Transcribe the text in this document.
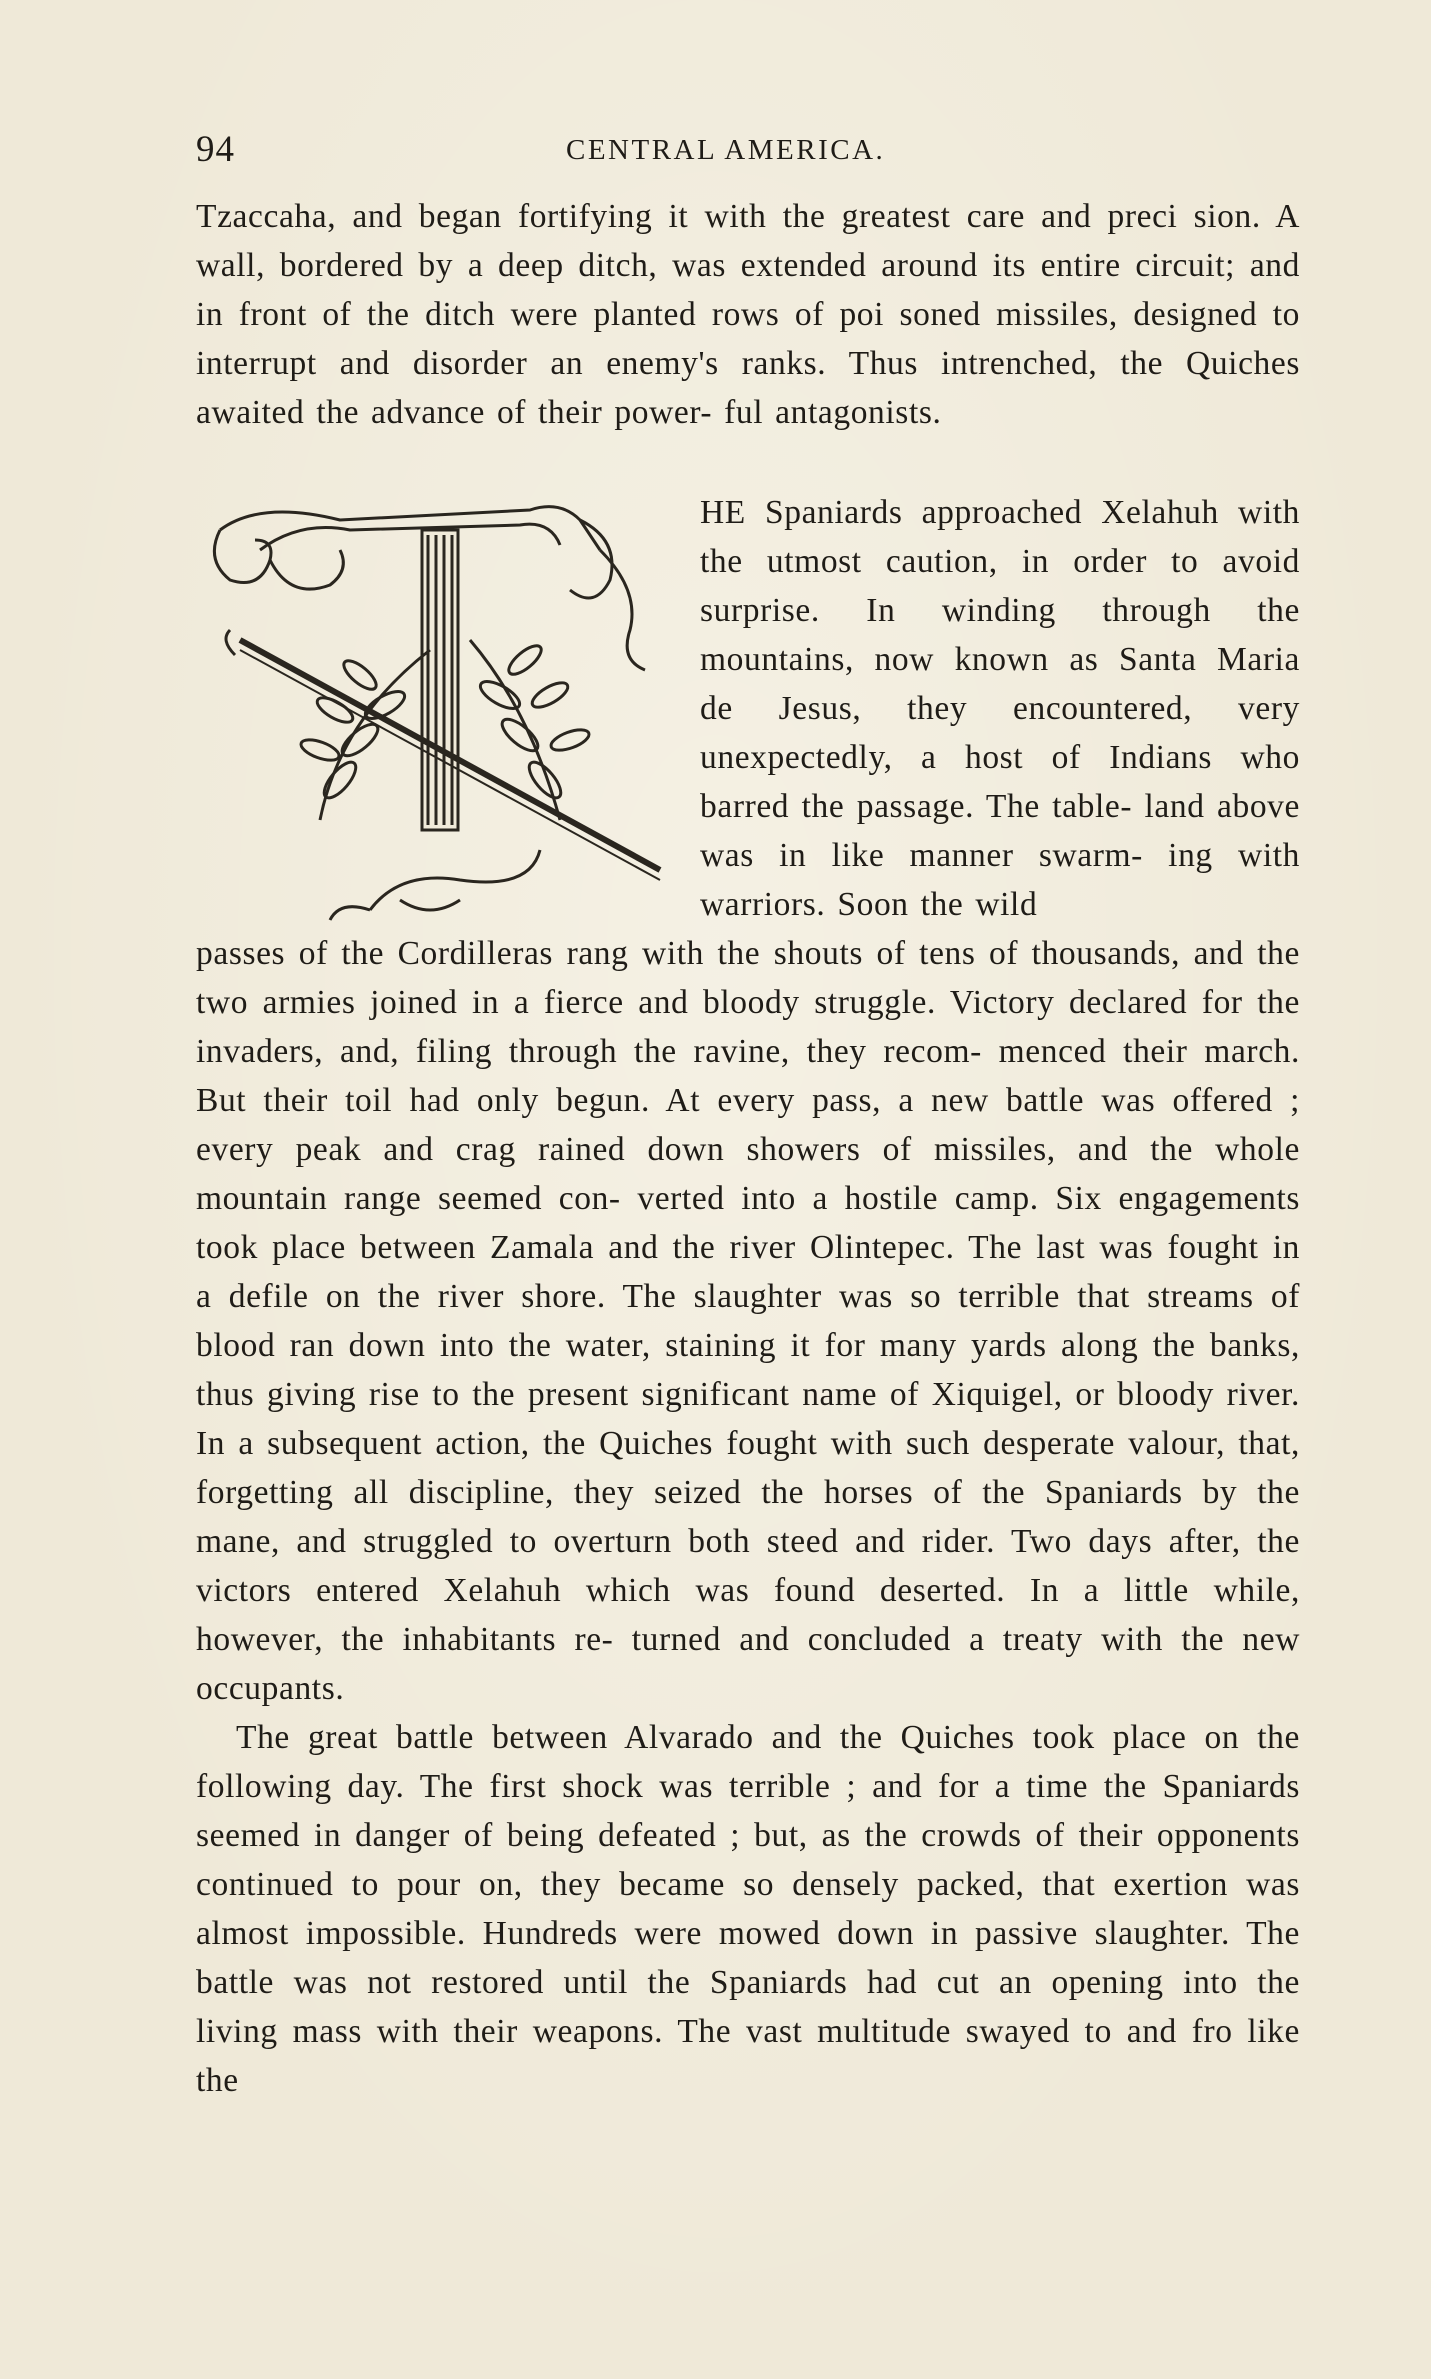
94	CENTRAL AMERICA.

Tzaccaha, and began fortifying it with the greatest care and preci sion. A wall, bordered by a deep ditch, was extended around its entire circuit; and in front of the ditch were planted rows of poi soned missiles, designed to interrupt and disorder an enemy's ranks. Thus intrenched, the Quiches awaited the advance of their power- ful antagonists.

HE Spaniards approached Xelahuh with the utmost caution, in order to avoid surprise. In winding through the mountains, now known as Santa Maria de Jesus, they encountered, very unexpectedly, a host of Indians who barred the passage. The table- land above was in like manner swarm- ing with warriors. Soon the wild

passes of the Cordilleras rang with the shouts of tens of thousands, and the two armies joined in a fierce and bloody struggle. Victory declared for the invaders, and, filing through the ravine, they recom- menced their march. But their toil had only begun. At every pass, a new battle was offered ; every peak and crag rained down showers of missiles, and the whole mountain range seemed con- verted into a hostile camp. Six engagements took place between Zamala and the river Olintepec. The last was fought in a defile on the river shore. The slaughter was so terrible that streams of blood ran down into the water, staining it for many yards along the banks, thus giving rise to the present significant name of Xiquigel, or bloody river. In a subsequent action, the Quiches fought with such desperate valour, that, forgetting all discipline, they seized the horses of the Spaniards by the mane, and struggled to overturn both steed and rider. Two days after, the victors entered Xelahuh which was found deserted. In a little while, however, the inhabitants re- turned and concluded a treaty with the new occupants.

The great battle between Alvarado and the Quiches took place on the following day. The first shock was terrible ; and for a time the Spaniards seemed in danger of being defeated ; but, as the crowds of their opponents continued to pour on, they became so densely packed, that exertion was almost impossible. Hundreds were mowed down in passive slaughter. The battle was not restored until the Spaniards had cut an opening into the living mass with their weapons. The vast multitude swayed to and fro like the
